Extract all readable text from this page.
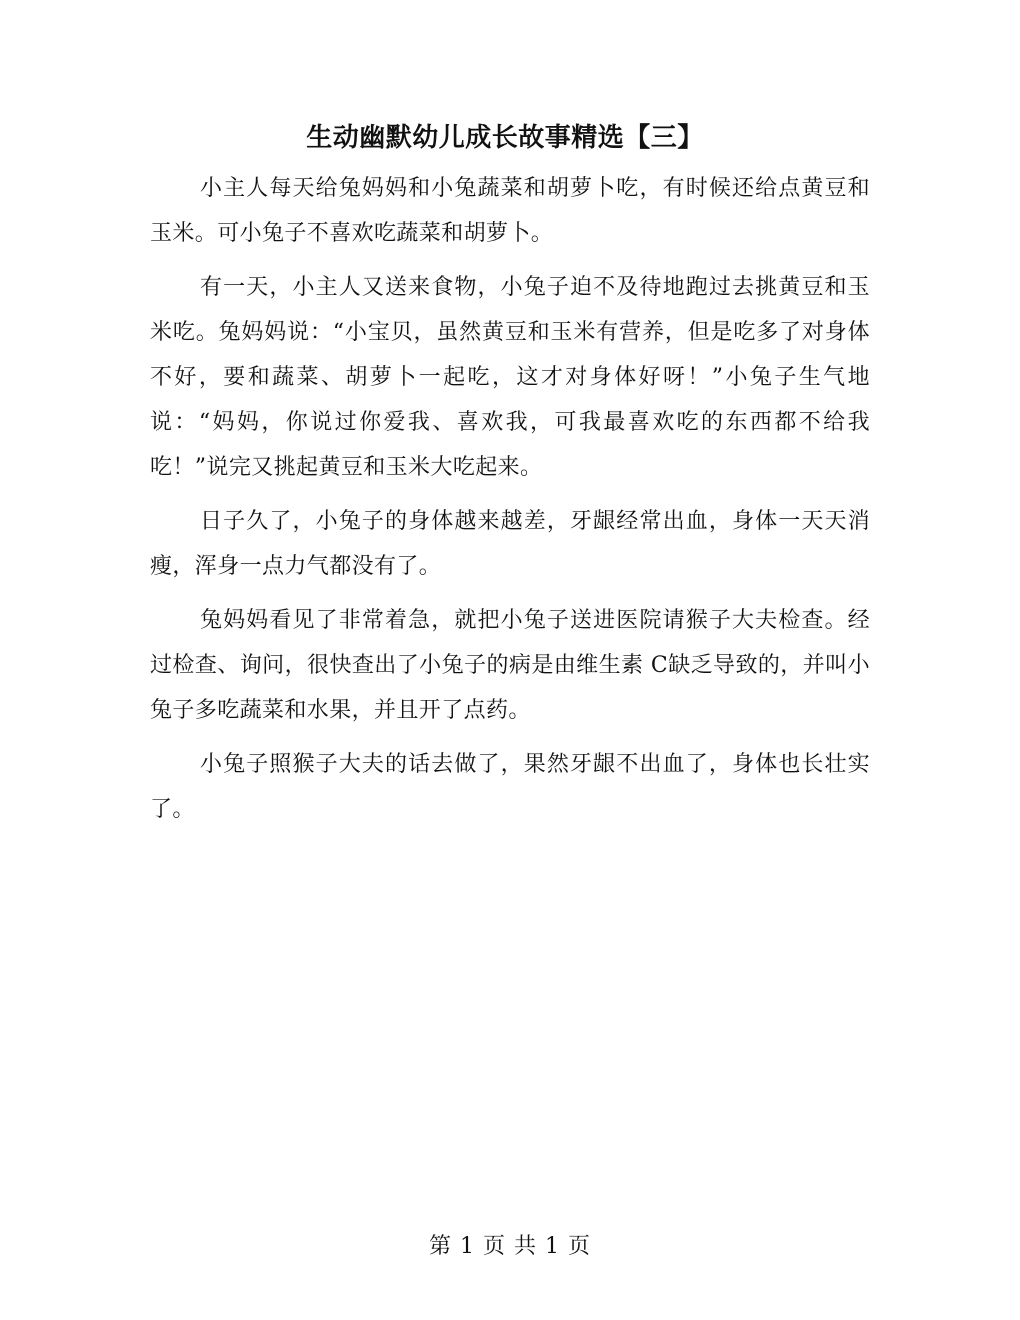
生动幽默幼儿成长故事精选【三】

小主人每天给兔妈妈和小兔蔬菜和胡萝卜吃，有时候还给点黄豆和玉米。可小兔子不喜欢吃蔬菜和胡萝卜。

有一天，小主人又送来食物，小兔子迫不及待地跑过去挑黄豆和玉米吃。兔妈妈说：“小宝贝，虽然黄豆和玉米有营养，但是吃多了对身体不好，要和蔬菜、胡萝卜一起吃，这才对身体好呀！”小兔子生气地说：“妈妈，你说过你爱我、喜欢我，可我最喜欢吃的东西都不给我吃！”说完又挑起黄豆和玉米大吃起来。

日子久了，小兔子的身体越来越差，牙龈经常出血，身体一天天消瘦，浑身一点力气都没有了。

兔妈妈看见了非常着急，就把小兔子送进医院请猴子大夫检查。经过检查、询问，很快查出了小兔子的病是由维生素 C缺乏导致的，并叫小兔子多吃蔬菜和水果，并且开了点药。

小兔子照猴子大夫的话去做了，果然牙龈不出血了，身体也长壮实了。

第 1 页 共 1 页
